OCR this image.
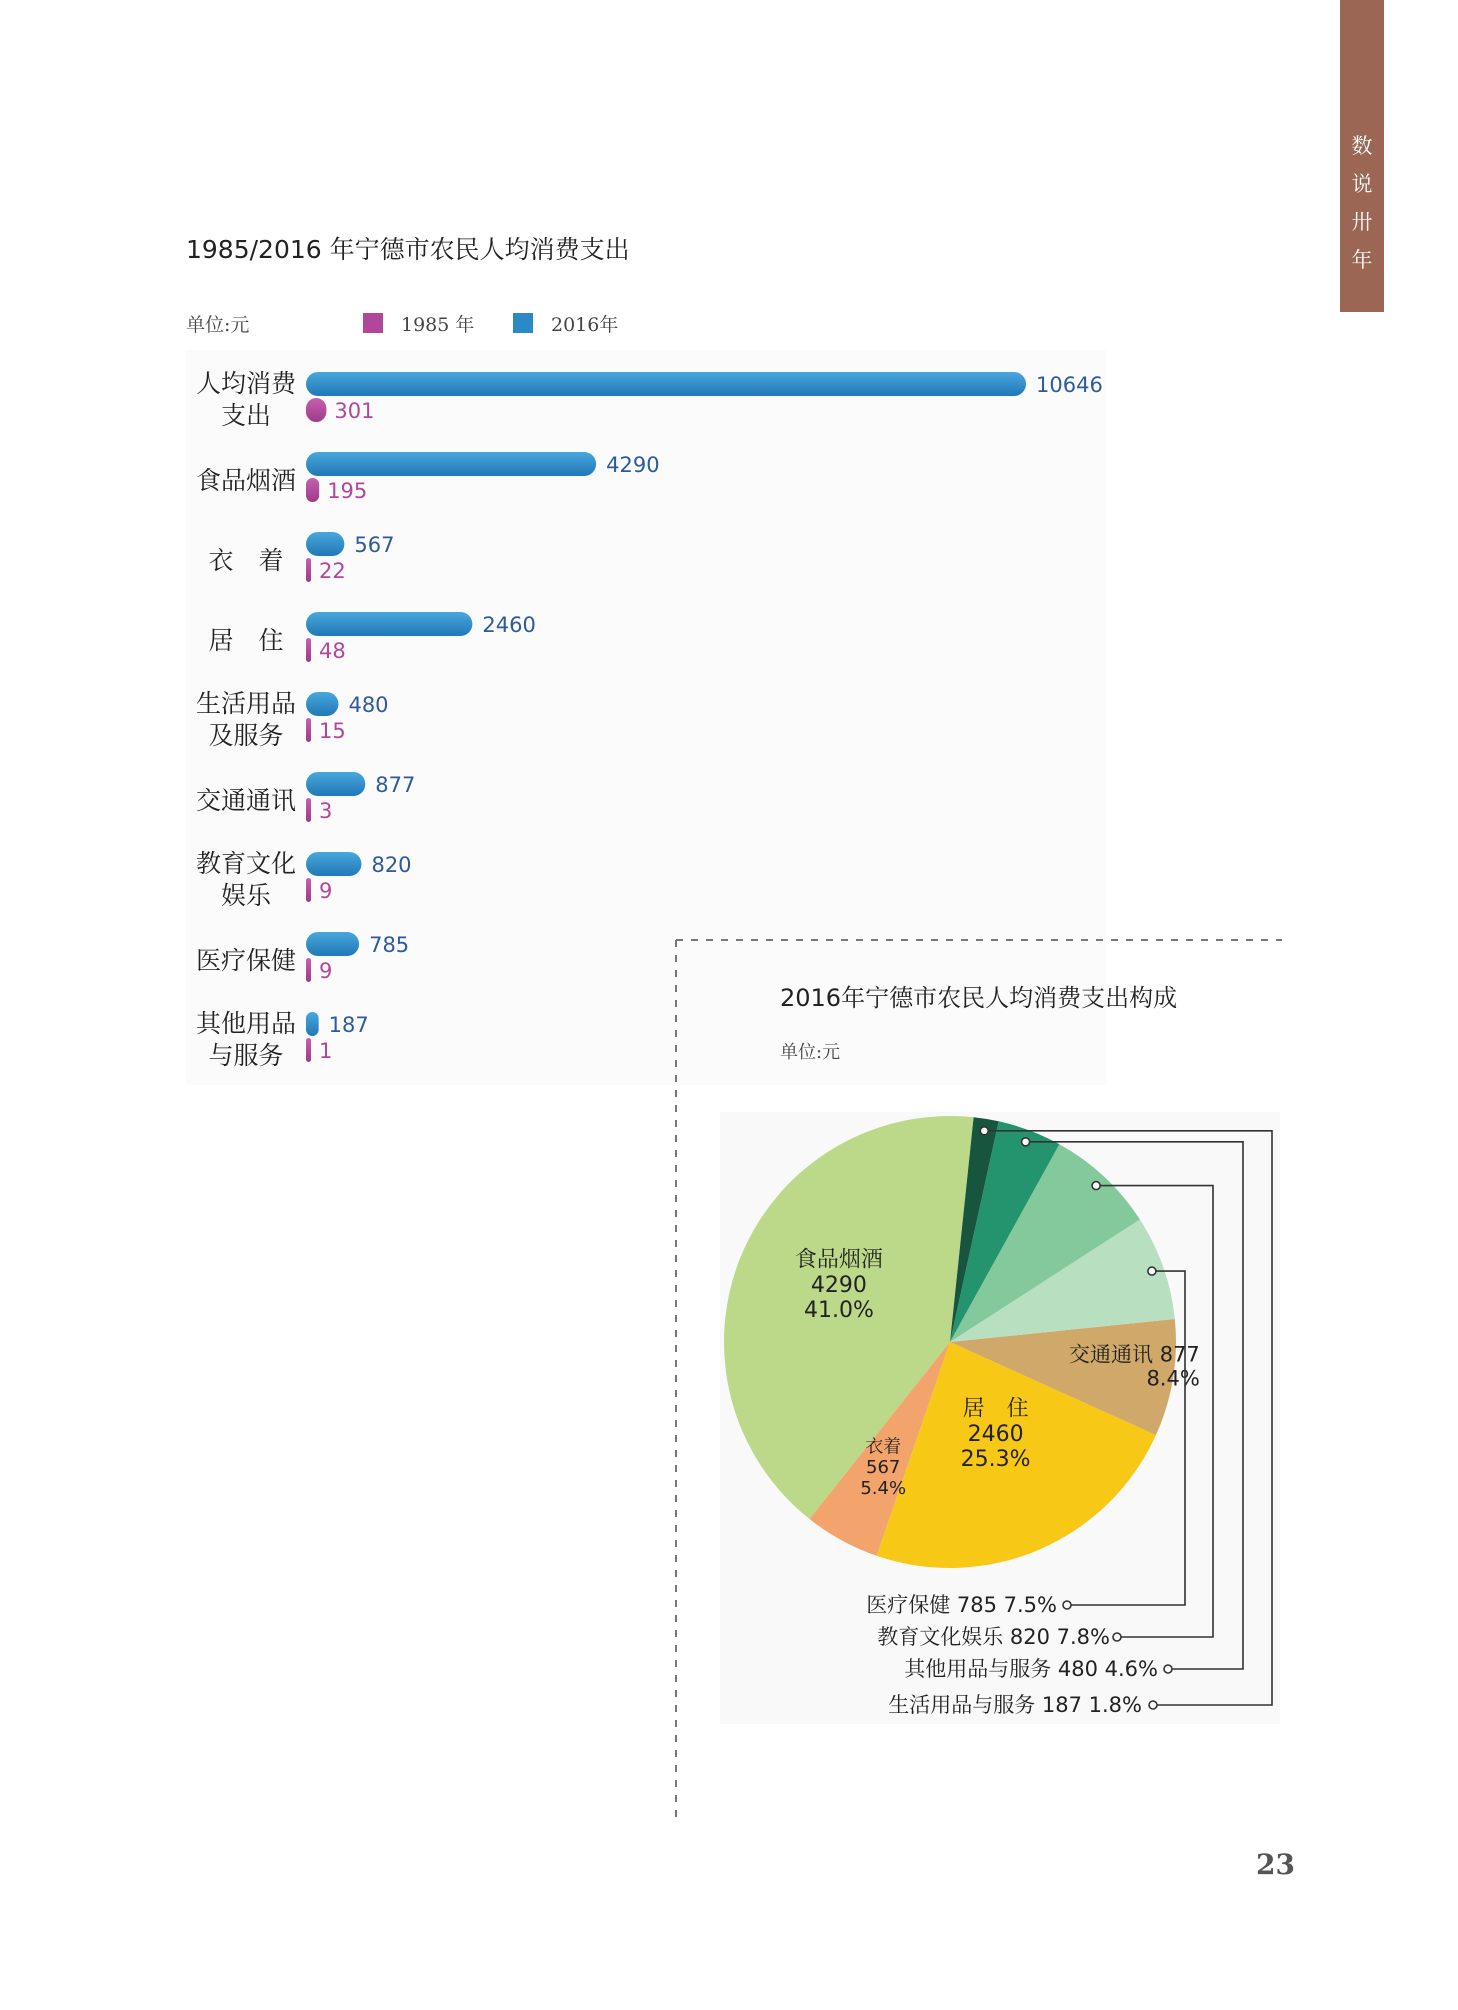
数
说
卅
年
1985/2016 年宁德市农民人均消费支出
单位:元	1985 年	2016年
人均消费支出
10646
301
食品烟酒
4290
195
衣　着
567
22
居　住
2460
48
生活用品及服务
480
15
交通通讯
877
3
教育文化娱乐
820
9
医疗保健
785
9
其他用品与服务
187
1
2016年宁德市农民人均消费支出构成
单位:元
食品烟酒 4290 41.0%
衣着 567 5.4%
居　住 2460 25.3%
交通通讯 877 8.4%
医疗保健 785 7.5%
教育文化娱乐 820 7.8%
其他用品与服务 480 4.6%
生活用品与服务 187 1.8%
23
